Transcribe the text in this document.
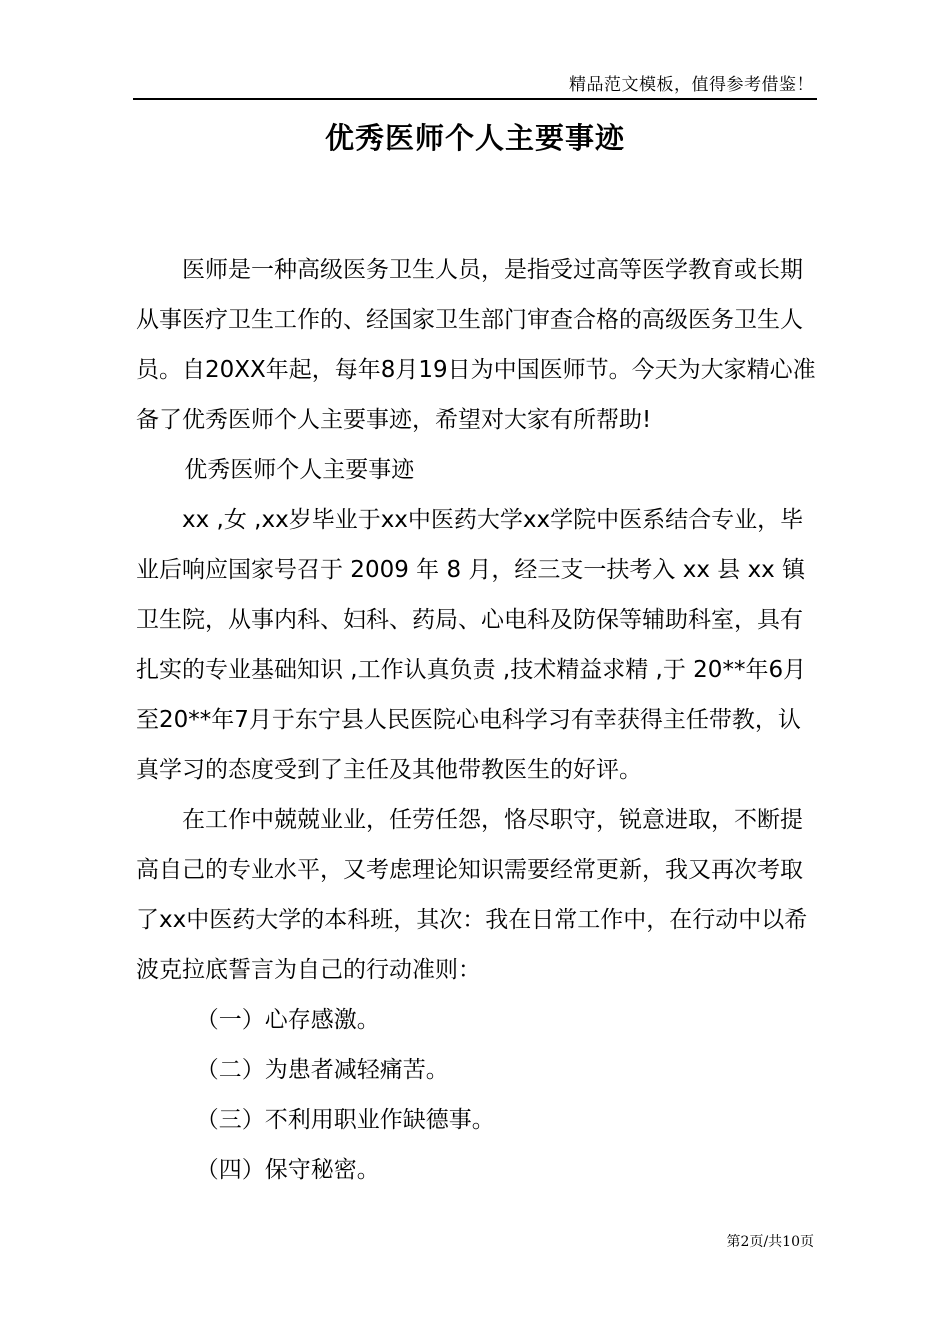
精品范文模板，值得参考借鉴！
优秀医师个人主要事迹

医师是一种高级医务卫生人员，是指受过高等医学教育或长期从事医疗卫生工作的、经国家卫生部门审查合格的高级医务卫生人员。自20XX年起，每年8月19日为中国医师节。今天为大家精心准备了优秀医师个人主要事迹，希望对大家有所帮助!

优秀医师个人主要事迹

xx ,女 ,xx岁毕业于xx中医药大学xx学院中医系结合专业，毕业后响应国家号召于 2009 年 8 月，经三支一扶考入 xx 县 xx 镇卫生院，从事内科、妇科、药局、心电科及防保等辅助科室，具有扎实的专业基础知识 ,工作认真负责 ,技术精益求精 ,于 20**年6月至20**年7月于东宁县人民医院心电科学习有幸获得主任带教，认真学习的态度受到了主任及其他带教医生的好评。

在工作中兢兢业业，任劳任怨，恪尽职守，锐意进取，不断提高自己的专业水平，又考虑理论知识需要经常更新，我又再次考取了xx中医药大学的本科班，其次：我在日常工作中，在行动中以希波克拉底誓言为自己的行动准则：

（一）心存感激。

（二）为患者减轻痛苦。

（三）不利用职业作缺德事。

（四）保守秘密。

第2页/共10页
